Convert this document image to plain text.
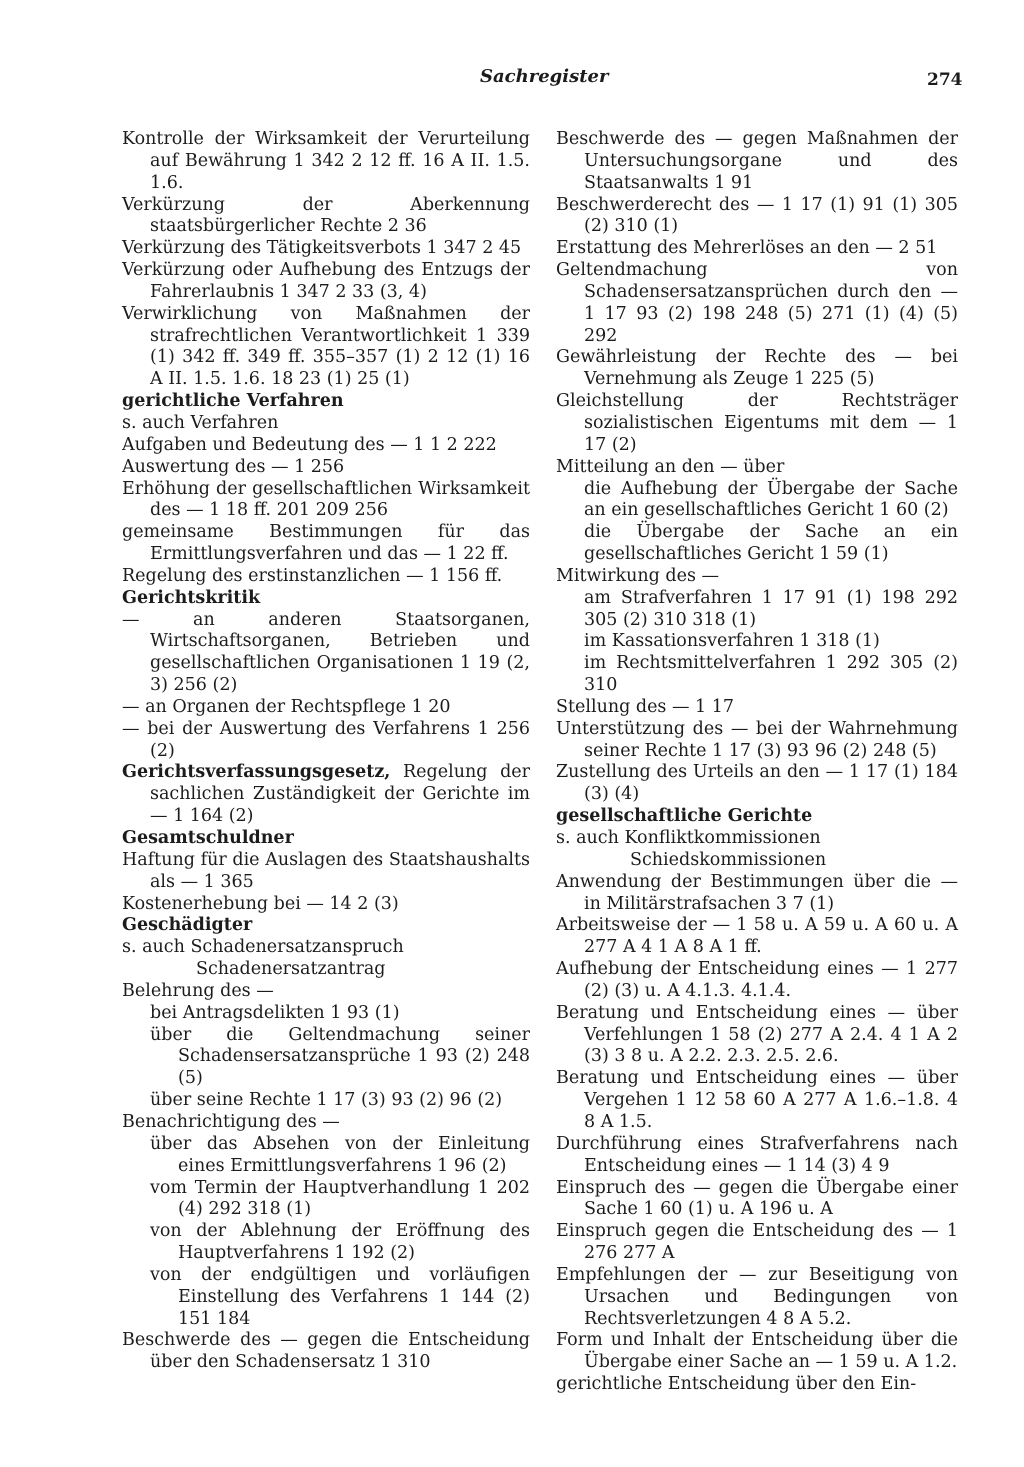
Sachregister	274

Kontrolle der Wirksamkeit der Verurteilung auf Bewährung 1 342 2 12 ff. 16 A II. 1.5. 1.6.

Verkürzung der Aberkennung staatsbürgerlicher Rechte 2 36

Verkürzung des Tätigkeitsverbots 1 347 2 45

Verkürzung oder Aufhebung des Entzugs der Fahrerlaubnis 1 347 2 33 (3, 4)

Verwirklichung von Maßnahmen der strafrechtlichen Verantwortlichkeit 1 339 (1) 342 ff. 349 ff. 355–357 (1) 2 12 (1) 16 A II. 1.5. 1.6. 18 23 (1) 25 (1)

gerichtliche Verfahren

s. auch Verfahren

Aufgaben und Bedeutung des — 1 1 2 222

Auswertung des — 1 256

Erhöhung der gesellschaftlichen Wirksamkeit des — 1 18 ff. 201 209 256

gemeinsame Bestimmungen für das Ermittlungsverfahren und das — 1 22 ff.

Regelung des erstinstanzlichen — 1 156 ff.

Gerichtskritik

— an anderen Staatsorganen, Wirtschaftsorganen, Betrieben und gesellschaftlichen Organisationen 1 19 (2, 3) 256 (2)

— an Organen der Rechtspflege 1 20

— bei der Auswertung des Verfahrens 1 256 (2)

Gerichtsverfassungsgesetz, Regelung der sachlichen Zuständigkeit der Gerichte im — 1 164 (2)

Gesamtschuldner

Haftung für die Auslagen des Staatshaushalts als — 1 365

Kostenerhebung bei — 14 2 (3)

Geschädigter

s. auch Schadenersatzanspruch

Schadenersatzantrag

Belehrung des —

bei Antragsdelikten 1 93 (1)

über die Geltendmachung seiner Schadensersatzansprüche 1 93 (2) 248 (5)

über seine Rechte 1 17 (3) 93 (2) 96 (2)

Benachrichtigung des —

über das Absehen von der Einleitung eines Ermittlungsverfahrens 1 96 (2)

vom Termin der Hauptverhandlung 1 202 (4) 292 318 (1)

von der Ablehnung der Eröffnung des Hauptverfahrens 1 192 (2)

von der endgültigen und vorläufigen Einstellung des Verfahrens 1 144 (2) 151 184

Beschwerde des — gegen die Entscheidung über den Schadensersatz 1 310

Beschwerde des — gegen Maßnahmen der Untersuchungsorgane und des Staatsanwalts 1 91

Beschwerderecht des — 1 17 (1) 91 (1) 305 (2) 310 (1)

Erstattung des Mehrerlöses an den — 2 51

Geltendmachung von Schadensersatzansprüchen durch den — 1 17 93 (2) 198 248 (5) 271 (1) (4) (5) 292

Gewährleistung der Rechte des — bei Vernehmung als Zeuge 1 225 (5)

Gleichstellung der Rechtsträger sozialistischen Eigentums mit dem — 1 17 (2)

Mitteilung an den — über

die Aufhebung der Übergabe der Sache an ein gesellschaftliches Gericht 1 60 (2)

die Übergabe der Sache an ein gesellschaftliches Gericht 1 59 (1)

Mitwirkung des —

am Strafverfahren 1 17 91 (1) 198 292 305 (2) 310 318 (1)

im Kassationsverfahren 1 318 (1)

im Rechtsmittelverfahren 1 292 305 (2) 310

Stellung des — 1 17

Unterstützung des — bei der Wahrnehmung seiner Rechte 1 17 (3) 93 96 (2) 248 (5)

Zustellung des Urteils an den — 1 17 (1) 184 (3) (4)

gesellschaftliche Gerichte

s. auch Konfliktkommissionen

Schiedskommissionen

Anwendung der Bestimmungen über die — in Militärstrafsachen 3 7 (1)

Arbeitsweise der — 1 58 u. A 59 u. A 60 u. A 277 A 4 1 A 8 A 1 ff.

Aufhebung der Entscheidung eines — 1 277 (2) (3) u. A 4.1.3. 4.1.4.

Beratung und Entscheidung eines — über Verfehlungen 1 58 (2) 277 A 2.4. 4 1 A 2 (3) 3 8 u. A 2.2. 2.3. 2.5. 2.6.

Beratung und Entscheidung eines — über Vergehen 1 12 58 60 A 277 A 1.6.–1.8. 4 8 A 1.5.

Durchführung eines Strafverfahrens nach Entscheidung eines — 1 14 (3) 4 9

Einspruch des — gegen die Übergabe einer Sache 1 60 (1) u. A 196 u. A

Einspruch gegen die Entscheidung des — 1 276 277 A

Empfehlungen der — zur Beseitigung von Ursachen und Bedingungen von Rechtsverletzungen 4 8 A 5.2.

Form und Inhalt der Entscheidung über die Übergabe einer Sache an — 1 59 u. A 1.2.

gerichtliche Entscheidung über den Ein-
